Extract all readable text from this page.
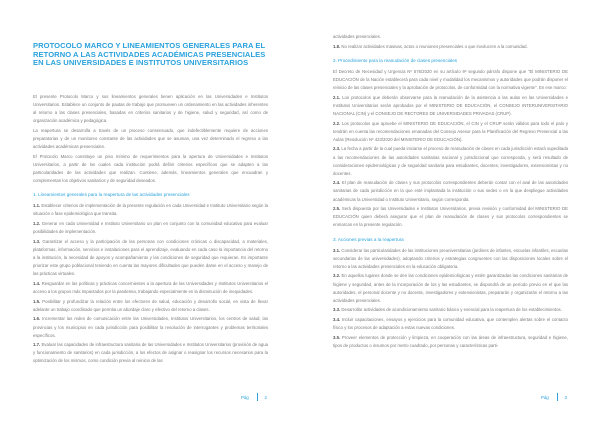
PROTOCOLO MARCO Y LINEAMIENTOS GENERALES PARA EL RETORNO A LAS ACTIVIDADES ACADÉMICAS PRESENCIALES EN LAS UNIVERSIDADES E INSTITUTOS UNIVERSITARIOS

El presente Protocolo Marco y sus lineamientos generales tienen aplicación en las Universidades e Institutos Universitarios. Establece un conjunto de pautas de trabajo que promueven un ordenamiento en las actividades inherentes al retorno a las clases presenciales, basadas en criterios sanitarios y de higiene, salud y seguridad, así como de organización académica y pedagógica.

La reapertura se desarrolla a través de un proceso consensuado, que indefectiblemente requiere de acciones preparatorias y de un monitoreo constante de las actividades que se asuman, una vez determinado el regreso a las actividades académicas presenciales.

El Protocolo Marco constituye un piso mínimo de requerimientos para la apertura de Universidades e Institutos Universitarios, a partir de los cuales cada institución podrá definir criterios específicos que se adapten a las particularidades de las actividades que realizan. Contiene, además, lineamientos generales que encuadran y complementan los objetivos sanitarios y de seguridad deseados.

1. Lineamientos generales para la reapertura de las actividades presenciales

1.1. Establecer criterios de implementación de la presente regulación en cada Universidad e Instituto Universitario según la situación o fase epidemiológica que transita.

1.2. Generar en cada Universidad e Instituto Universitario un plan en conjunto con la comunidad educativa para evaluar posibilidades de implementación.

1.3. Garantizar el acceso y la participación de las personas con condiciones crónicas o discapacidad, a materiales, plataformas, información, servicios e instalaciones para el aprendizaje, evaluando en cada caso la importancia del retorno a la institución, la necesidad de apoyos y acompañamiento y las condiciones de seguridad que requieran. Es importante priorizar este grupo poblacional teniendo en cuenta las mayores dificultades que pueden darse en el acceso y manejo de las prácticas virtuales.

1.4. Resguardar en las políticas y prácticas concernientes a la apertura de las Universidades y Institutos Universitarios el acceso a los grupos más impactados por la pandemia, trabajando especialmente en la disminución de inequidades.

1.5. Posibilitar y profundizar la relación entre los efectores de salud, educación y desarrollo social, en vista de llevar adelante un trabajo coordinado que permita un abordaje claro y efectivo del retorno a clases.

1.6. Incrementar las redes de comunicación entre las Universidades, Institutos Universitarios, los centros de salud, las provincias y los municipios en cada jurisdicción para posibilitar la resolución de interrogantes y problemas territoriales específicos.

1.7. Evaluar las capacidades de infraestructura sanitaria de las Universidades e Institutos Universitarios (provisión de agua y funcionamiento de sanitarios) en cada jurisdicción, a los efectos de asignar o reasignar los recursos necesarios para la optimización de los mismos, como condición previa al reinicio de las

Pág	2

actividades presenciales.

1.8. No realizar actividades masivas, actos o reuniones presenciales o que involucren a la comunidad.

2. Procedimiento para la reanudación de clases presenciales

El Decreto de Necesidad y Urgencia Nº 576/2020 en su artículo 9º segundo párrafo dispone que "El MINISTERIO DE EDUCACIÓN de la Nación establecerá para cada nivel y modalidad los mecanismos y autoridades que podrán disponer el reinicio de las clases presenciales y la aprobación de protocolos, de conformidad con la normativa vigente". En ese marco:

2.1. Los protocolos que deberán observarse para la reanudación de la asistencia a las aulas en las Universidades e Institutos Universitarios serán aprobados por el MINISTERIO DE EDUCACIÓN, el CONSEJO INTERUNIVERSITARIO NACIONAL (CIN) y el CONSEJO DE RECTORES DE UNIVERSIDADES PRIVADAS (CRUP).

2.2. Los protocolos que apruebe el MINISTERIO DE EDUCACIÓN, el CIN y el CRUP serán válidos para todo el país y tendrán en cuenta las recomendaciones emanadas del Consejo Asesor para la Planificación del Regreso Presencial a las Aulas (Resolución Nº 423/2020 del MINISTERIO DE EDUCACIÓN).

2.3. La fecha a partir de la cual pueda iniciarse el proceso de reanudación de clases en cada jurisdicción estará supeditada a las recomendaciones de las autoridades sanitarias nacional y jurisdiccional que corresponda, y será resultado de consideraciones epidemiológicas y de seguridad sanitaria para estudiantes, docentes, investigadores, extensionistas y no docentes.

2.4. El plan de reanudación de clases y sus protocolos correspondientes deberán contar con el aval de las autoridades sanitarias de cada jurisdicción en la que esté implantada la institución o sus sedes o en la que despliegue actividades académicas la Universidad o Instituto Universitario, según corresponda.

2.5. Será dispuesta por las Universidades e Institutos Universitarios, previa revisión y conformidad del MINISTERIO DE EDUCACIÓN quien deberá asegurar que el plan de reanudación de clases y sus protocolos correspondientes se enmarcan en la presente regulación.

3. Acciones previas a la reapertura

3.1. Considerar las particularidades de las instituciones preuniversitarias (jardines de infantes, escuelas infantiles, escuelas secundarias de las universidades), adoptando criterios y estrategias congruentes con las disposiciones locales sobre el retorno a las actividades presenciales en la educación obligatoria.

3.2. En aquellos lugares donde se den las condiciones epidemiológicas y estén garantizadas las condiciones sanitarias de higiene y seguridad, antes de la incorporación de los y las estudiantes, se dispondrá de un período previo en el que las autoridades, el personal docente y no docente, investigadores y extensionistas, prepararán y organizarán el retorno a las actividades presenciales.

3.3. Desarrollar actividades de acondicionamiento sanitario básico y esencial para la reapertura de los establecimientos.

3.4. Incluir capacitaciones, ensayos y ejercicios para la comunidad educativa, que contemplen alertas sobre el contacto físico y los procesos de adaptación a estas nuevas condiciones.

3.5. Proveer elementos de protección y limpieza, en cooperación con las áreas de infraestructura, seguridad e higiene, tipos de productos o insumos por metro cuadrado, por personas y características parti-

Pág	3
